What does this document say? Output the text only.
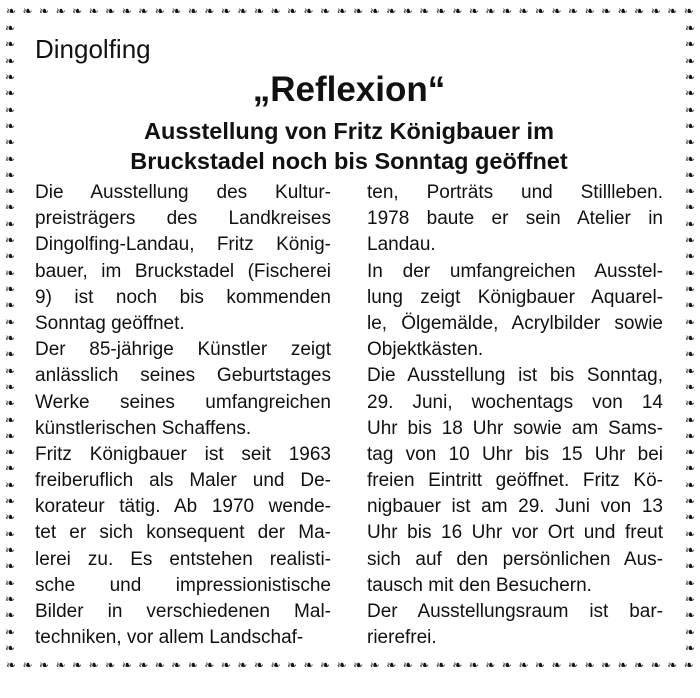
❧ ❧ ❧ ❧ ❧ ❧ ❧ ❧ ❧ ❧ ❧ ❧ ❧ ❧ ❧ ❧ ❧ ❧ ❧ ❧ ❧ ❧ ❧ ❧ ❧ ❧ ❧ ❧ ❧ ❧ ❧ ❧ ❧ ❧ ❧ ❧ ❧ ❧ ❧ ❧ ❧ ❧
❧ ❧ ❧ ❧ ❧ ❧ ❧ ❧ ❧ ❧ ❧ ❧ ❧ ❧ ❧ ❧ ❧ ❧ ❧ ❧ ❧ ❧ ❧ ❧ ❧ ❧ ❧ ❧ ❧ ❧ ❧ ❧ ❧ ❧ ❧ ❧ ❧ ❧ ❧ ❧ ❧ ❧
❧
❧
❧
❧
❧
❧
❧
❧
❧
❧
❧
❧
❧
❧
❧
❧
❧
❧
❧
❧
❧
❧
❧
❧
❧
❧
❧
❧
❧
❧
❧
❧
❧
❧
❧
❧
❧
❧
❧
❧
❧
❧
❧
❧
❧
❧
❧
❧
❧
❧
❧
❧
❧
❧
❧
❧
❧
❧
❧
❧
❧
❧
❧
❧
❧
❧
❧
❧
❧
❧
❧
❧
❧
❧
❧
❧
❧
❧
Dingolfing
„Reflexion“
Ausstellung von Fritz Königbauer im
Bruckstadel noch bis Sonntag geöffnet

Die Ausstellung des Kultur-
preisträgers des Landkreises
Dingolfing-Landau, Fritz König-
bauer, im Bruckstadel (Fischerei
9) ist noch bis kommenden
Sonntag geöffnet.

Der 85-jährige Künstler zeigt
anlässlich seines Geburtstages
Werke seines umfangreichen
künstlerischen Schaffens.

Fritz Königbauer ist seit 1963
freiberuflich als Maler und De-
korateur tätig. Ab 1970 wende-
tet er sich konsequent der Ma-
lerei zu. Es entstehen realisti-
sche und impressionistische
Bilder in verschiedenen Mal-
techniken, vor allem Landschaf-

ten, Porträts und Stillleben.
1978 baute er sein Atelier in
Landau.

In der umfangreichen Ausstel-
lung zeigt Königbauer Aquarel-
le, Ölgemälde, Acrylbilder sowie
Objektkästen.

Die Ausstellung ist bis Sonntag,
29. Juni, wochentags von 14
Uhr bis 18 Uhr sowie am Sams-
tag von 10 Uhr bis 15 Uhr bei
freien Eintritt geöffnet. Fritz Kö-
nigbauer ist am 29. Juni von 13
Uhr bis 16 Uhr vor Ort und freut
sich auf den persönlichen Aus-
tausch mit den Besuchern.

Der Ausstellungsraum ist bar-
rierefrei.
